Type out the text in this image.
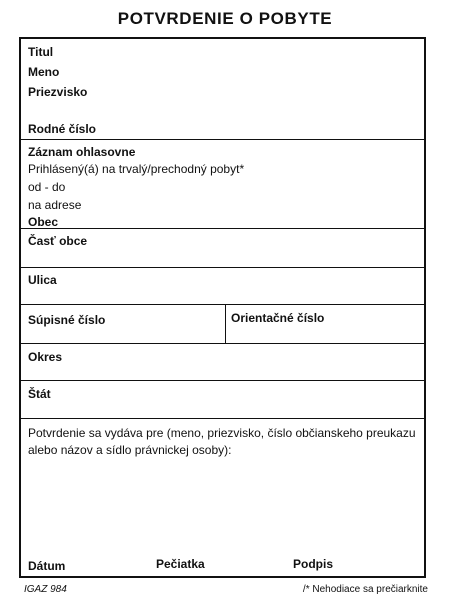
POTVRDENIE O POBYTE
Titul
Meno
Priezvisko
Rodné číslo
Záznam ohlasovne
Prihlásený(á) na trvalý/prechodný pobyt*
od - do
na adrese
Obec
Časť obce
Ulica
Súpisné číslo	Orientačné číslo
Okres
Štát
Potvrdenie sa vydáva pre (meno, priezvisko, číslo občianskeho preukazu alebo názov a sídlo právnickej osoby):
Dátum	Pečiatka	Podpis
IGAZ 984	/* Nehodiace sa prečiarknite
